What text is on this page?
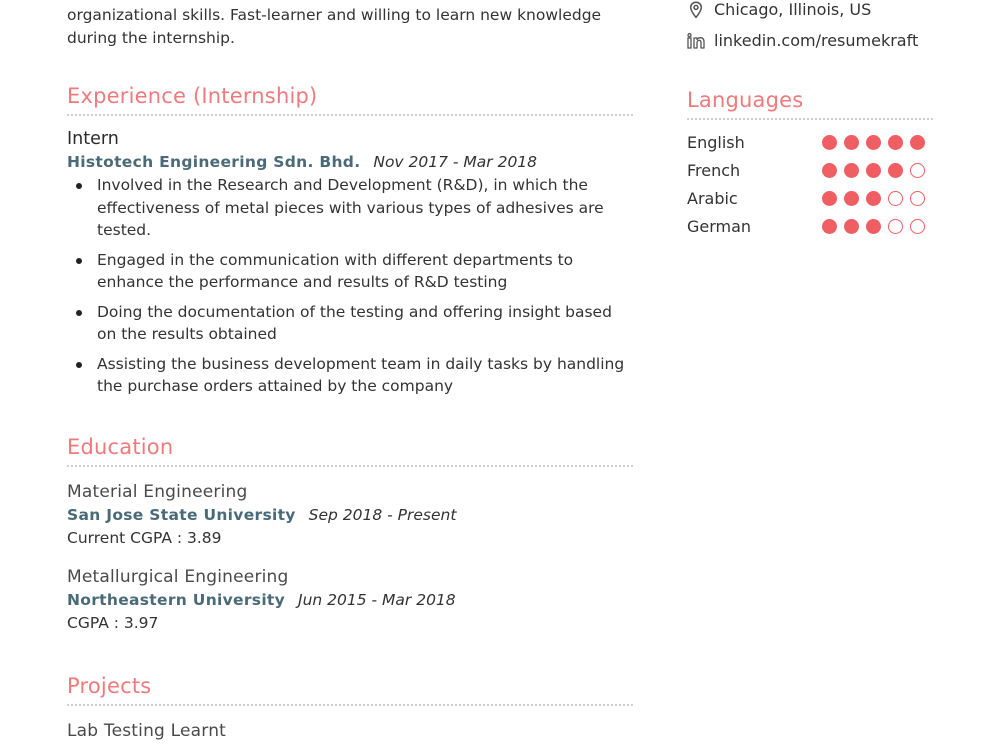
organizational skills. Fast-learner and willing to learn new knowledge
during the internship.
Experience (Internship)
Intern
Histotech Engineering Sdn. Bhd. Nov 2017 - Mar 2018
Involved in the Research and Development (R&D), in which the effectiveness of metal pieces with various types of adhesives are tested.
Engaged in the communication with different departments to enhance the performance and results of R&D testing
Doing the documentation of the testing and offering insight based on the results obtained
Assisting the business development team in daily tasks by handling the purchase orders attained by the company
Education
Material Engineering
San Jose State University Sep 2018 - Present
Current CGPA : 3.89
Metallurgical Engineering
Northeastern University Jun 2015 - Mar 2018
CGPA : 3.97
Projects
Lab Testing Learnt
Chicago, Illinois, US
linkedin.com/resumekraft
Languages
English
French
Arabic
German
